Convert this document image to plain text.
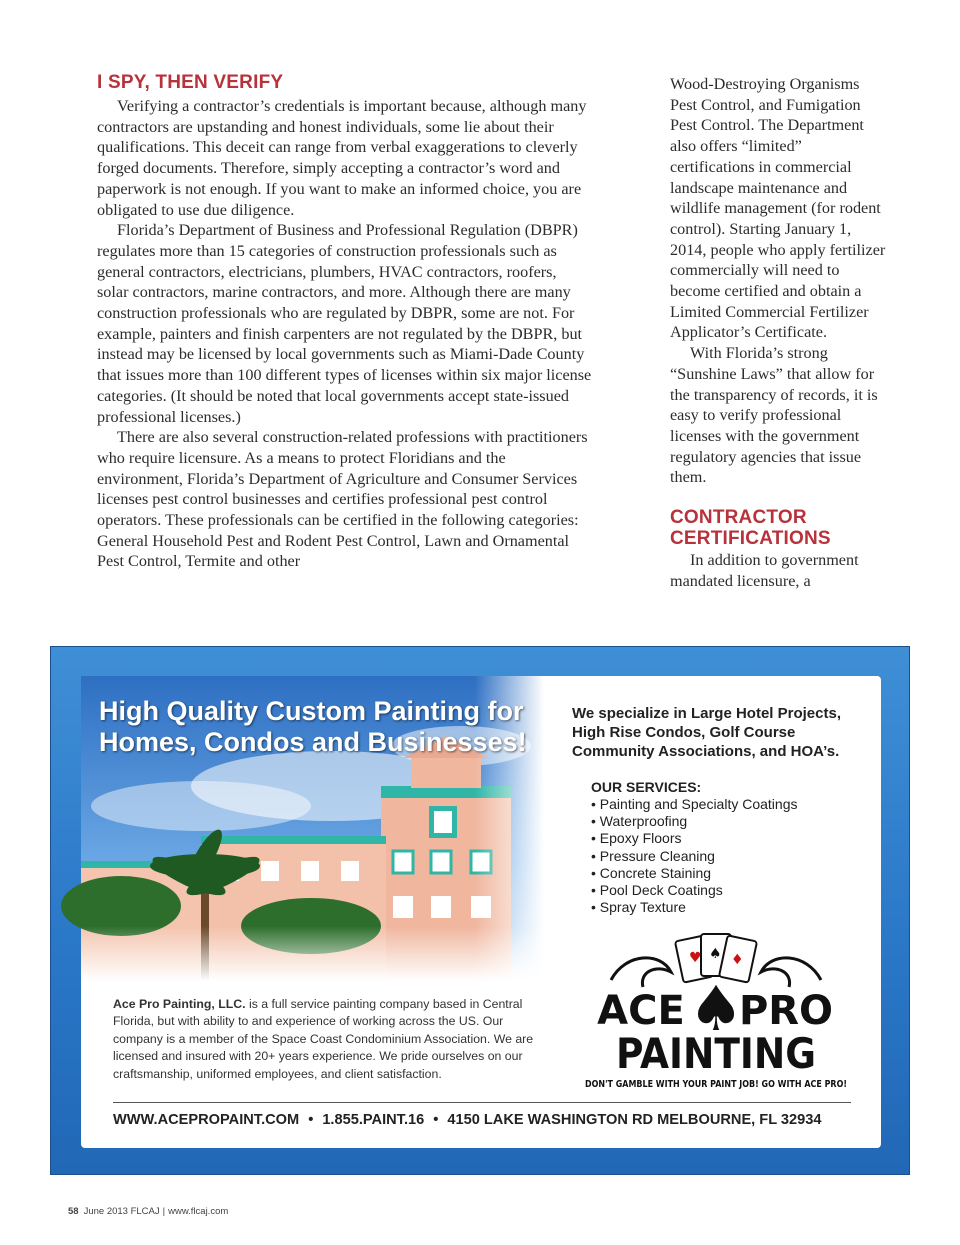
I SPY, THEN VERIFY

Verifying a contractor’s credentials is important because, although many contractors are upstanding and honest individuals, some lie about their qualifications. This deceit can range from verbal exaggerations to cleverly forged documents. Therefore, simply accepting a contractor’s word and paperwork is not enough. If you want to make an informed choice, you are obligated to use due diligence.

Florida’s Department of Business and Professional Regulation (DBPR) regulates more than 15 categories of construction professionals such as general contractors, electricians, plumbers, HVAC contractors, roofers, solar contractors, marine contractors, and more. Although there are many construction professionals who are regulated by DBPR, some are not. For example, painters and finish carpenters are not regulated by the DBPR, but instead may be licensed by local governments such as Miami-Dade County that issues more than 100 different types of licenses within six major license categories. (It should be noted that local governments accept state-issued professional licenses.)

There are also several construction-related professions with practitioners who require licensure. As a means to protect Floridians and the environment, Florida’s Department of Agriculture and Consumer Services licenses pest control businesses and certifies professional pest control operators. These professionals can be certified in the following categories: General Household Pest and Rodent Pest Control, Lawn and Ornamental Pest Control, Termite and other

Wood-Destroying Organisms Pest Control, and Fumigation Pest Control. The Department also offers “limited” certifications in commercial landscape maintenance and wildlife management (for rodent control). Starting January 1, 2014, people who apply fertilizer commercially will need to become certified and obtain a Limited Commercial Fertilizer Applicator’s Certificate.

With Florida’s strong “Sunshine Laws” that allow for the transparency of records, it is easy to verify professional licenses with the government regulatory agencies that issue them.

CONTRACTOR CERTIFICATIONS

In addition to government mandated licensure, a

High Quality Custom Painting for Homes, Condos and Businesses!

Ace Pro Painting, LLC. is a full service painting company based in Central Florida, but with ability to and experience of working across the US. Our company is a member of the Space Coast Condominium Association. We are licensed and insured with 20+ years experience. We pride ourselves on our craftsmanship, uniformed employees, and client satisfaction.

We specialize in Large Hotel Projects, High Rise Condos, Golf Course Community Associations, and HOA’s.

OUR SERVICES:

• Painting and Specialty Coatings
• Waterproofing
• Epoxy Floors
• Pressure Cleaning
• Concrete Staining
• Pool Deck Coatings
• Spray Texture
♥ ♠ ♦
♠
ACE PRO
PAINTING
DON'T GAMBLE WITH YOUR PAINT JOB! GO WITH ACE PRO!

WWW.ACEPROPAINT.COM • 1.855.PAINT.16 • 4150 LAKE WASHINGTON RD MELBOURNE, FL 32934

58 June 2013 FLCAJ | www.flcaj.com
